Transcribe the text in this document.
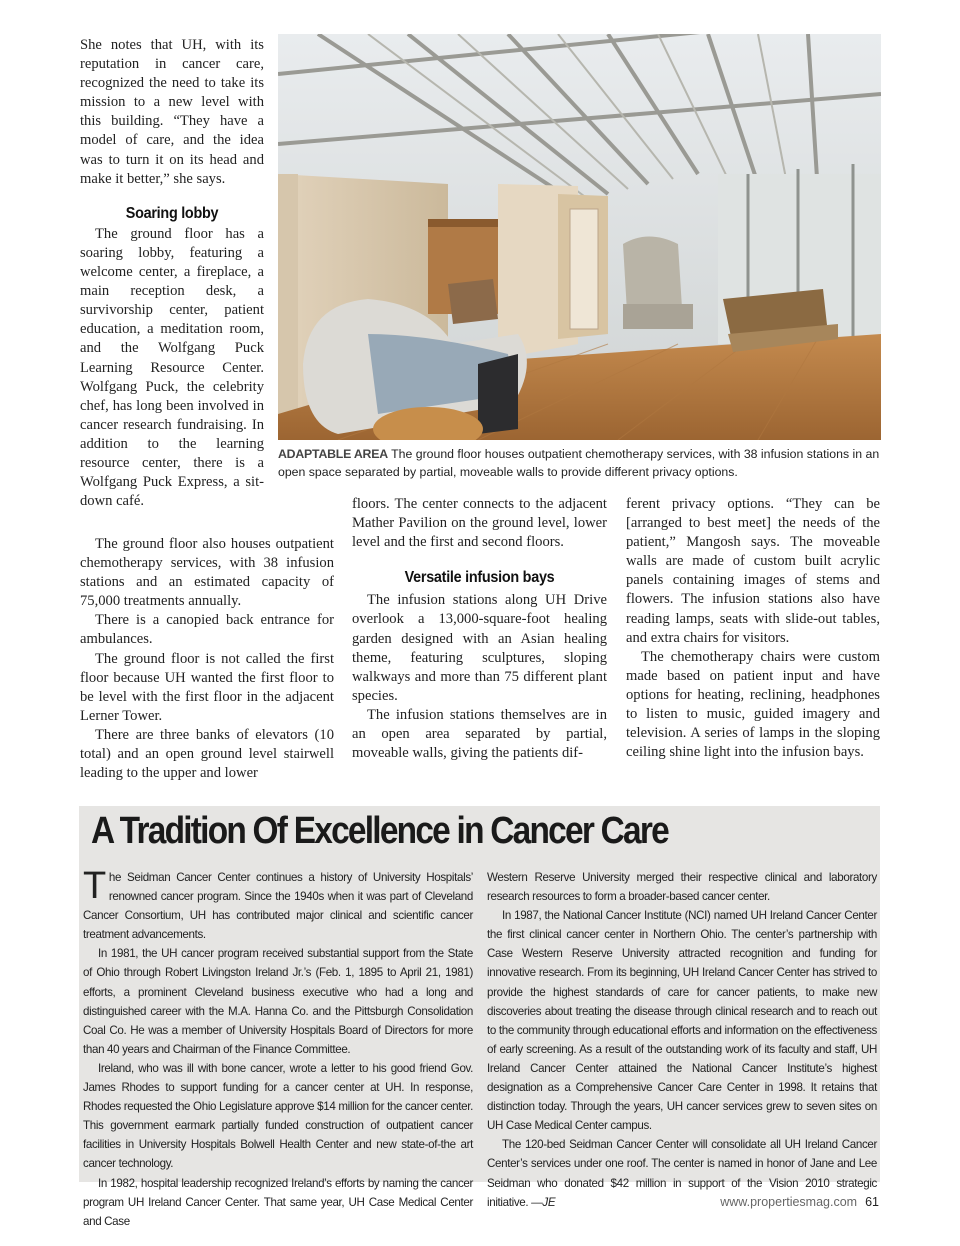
She notes that UH, with its reputation in cancer care, recognized the need to take its mission to a new level with this building. “They have a model of care, and the idea was to turn it on its head and make it better,” she says.

Soaring lobby

The ground floor has a soaring lobby, featuring a welcome center, a fireplace, a main reception desk, a survivorship center, patient education, a meditation room, and the Wolfgang Puck Learning Resource Center. Wolfgang Puck, the celebrity chef, has long been involved in cancer research fundraising. In addition to the learning resource center, there is a Wolfgang Puck Express, a sit-down café.

The ground floor also houses outpatient chemotherapy services, with 38 infusion stations and an estimated capacity of 75,000 treatments annually.

There is a canopied back entrance for ambulances.

The ground floor is not called the first floor because UH wanted the first floor to be level with the first floor in the adjacent Lerner Tower.

There are three banks of elevators (10 total) and an open ground level stairwell leading to the upper and lower

ADAPTABLE AREA The ground floor houses outpatient chemotherapy services, with 38 infusion stations in an open space separated by partial, moveable walls to provide different privacy options.

floors. The center connects to the adjacent Mather Pavilion on the ground level, lower level and the first and second floors.

Versatile infusion bays

The infusion stations along UH Drive overlook a 13,000-square-foot healing garden designed with an Asian healing theme, featuring sculptures, sloping walkways and more than 75 different plant species.

The infusion stations themselves are in an open area separated by partial, moveable walls, giving the patients dif-

ferent privacy options. “They can be [arranged to best meet] the needs of the patient,” Mangosh says. The moveable walls are made of custom built acrylic panels containing images of stems and flowers. The infusion stations also have reading lamps, seats with slide-out tables, and extra chairs for visitors.

The chemotherapy chairs were custom made based on patient input and have options for heating, reclining, headphones to listen to music, guided imagery and television. A series of lamps in the sloping ceiling shine light into the infusion bays.

A Tradition Of Excellence in Cancer Care

The Seidman Cancer Center continues a history of University Hospitals’ renowned cancer program. Since the 1940s when it was part of Cleveland Cancer Consortium, UH has contributed major clinical and scientific cancer treatment advancements.

In 1981, the UH cancer program received substantial support from the State of Ohio through Robert Livingston Ireland Jr.’s (Feb. 1, 1895 to April 21, 1981) efforts, a prominent Cleveland business executive who had a long and distinguished career with the M.A. Hanna Co. and the Pittsburgh Consolidation Coal Co. He was a member of University Hospitals Board of Directors for more than 40 years and Chairman of the Finance Committee.

Ireland, who was ill with bone cancer, wrote a letter to his good friend Gov. James Rhodes to support funding for a cancer center at UH. In response, Rhodes requested the Ohio Legislature approve $14 million for the cancer center. This government earmark partially funded construction of outpatient cancer facilities in University Hospitals Bolwell Health Center and new state-of-the art cancer technology.

In 1982, hospital leadership recognized Ireland’s efforts by naming the cancer program UH Ireland Cancer Center. That same year, UH Case Medical Center and Case

Western Reserve University merged their respective clinical and laboratory research resources to form a broader-based cancer center.

In 1987, the National Cancer Institute (NCI) named UH Ireland Cancer Center the first clinical cancer center in Northern Ohio. The center’s partnership with Case Western Reserve University attracted recognition and funding for innovative research. From its beginning, UH Ireland Cancer Center has strived to provide the highest standards of care for cancer patients, to make new discoveries about treating the disease through clinical research and to reach out to the community through educational efforts and information on the effectiveness of early screening. As a result of the outstanding work of its faculty and staff, UH Ireland Cancer Center attained the National Cancer Institute’s highest designation as a Comprehensive Cancer Care Center in 1998. It retains that distinction today. Through the years, UH cancer services grew to seven sites on UH Case Medical Center campus.

The 120-bed Seidman Cancer Center will consolidate all UH Ireland Cancer Center’s services under one roof. The center is named in honor of Jane and Lee Seidman who donated $42 million in support of the Vision 2010 strategic initiative. —JE	www.propertiesmag.com 61
